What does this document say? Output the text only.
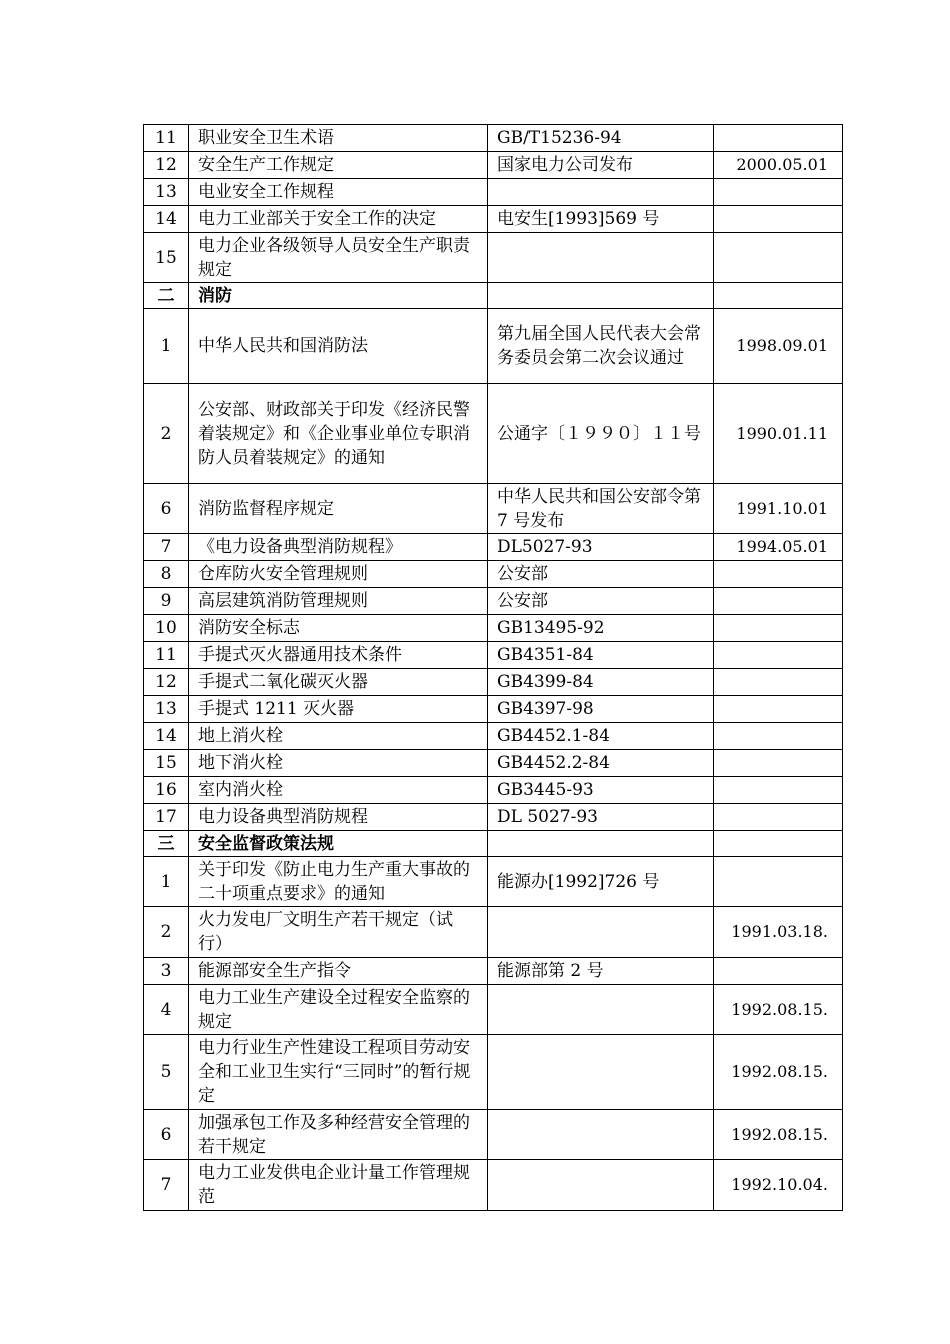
11	职业安全卫生术语	GB/T15236-94	
12	安全生产工作规定	国家电力公司发布	2000.05.01
13	电业安全工作规程		
14	电力工业部关于安全工作的决定	电安生[1993]569 号	
15	电力企业各级领导人员安全生产职责规定		
二	消防		
1	中华人民共和国消防法	第九届全国人民代表大会常务委员会第二次会议通过	1998.09.01
2	公安部、财政部关于印发《经济民警着装规定》和《企业事业单位专职消防人员着装规定》的通知	公通字〔１９９０〕１１号	1990.01.11
6	消防监督程序规定	中华人民共和国公安部令第 7 号发布	1991.10.01
7	《电力设备典型消防规程》	DL5027-93	1994.05.01
8	仓库防火安全管理规则	公安部	
9	高层建筑消防管理规则	公安部	
10	消防安全标志	GB13495-92	
11	手提式灭火器通用技术条件	GB4351-84	
12	手提式二氧化碳灭火器	GB4399-84	
13	手提式 1211 灭火器	GB4397-98	
14	地上消火栓	GB4452.1-84	
15	地下消火栓	GB4452.2-84	
16	室内消火栓	GB3445-93	
17	电力设备典型消防规程	DL 5027-93	
三	安全监督政策法规		
1	关于印发《防止电力生产重大事故的二十项重点要求》的通知	能源办[1992]726 号	
2	火力发电厂文明生产若干规定（试行）		1991.03.18.
3	能源部安全生产指令	能源部第 2 号	
4	电力工业生产建设全过程安全监察的规定		1992.08.15.
5	电力行业生产性建设工程项目劳动安全和工业卫生实行“三同时”的暂行规定		1992.08.15.
6	加强承包工作及多种经营安全管理的若干规定		1992.08.15.
7	电力工业发供电企业计量工作管理规范		1992.10.04.
